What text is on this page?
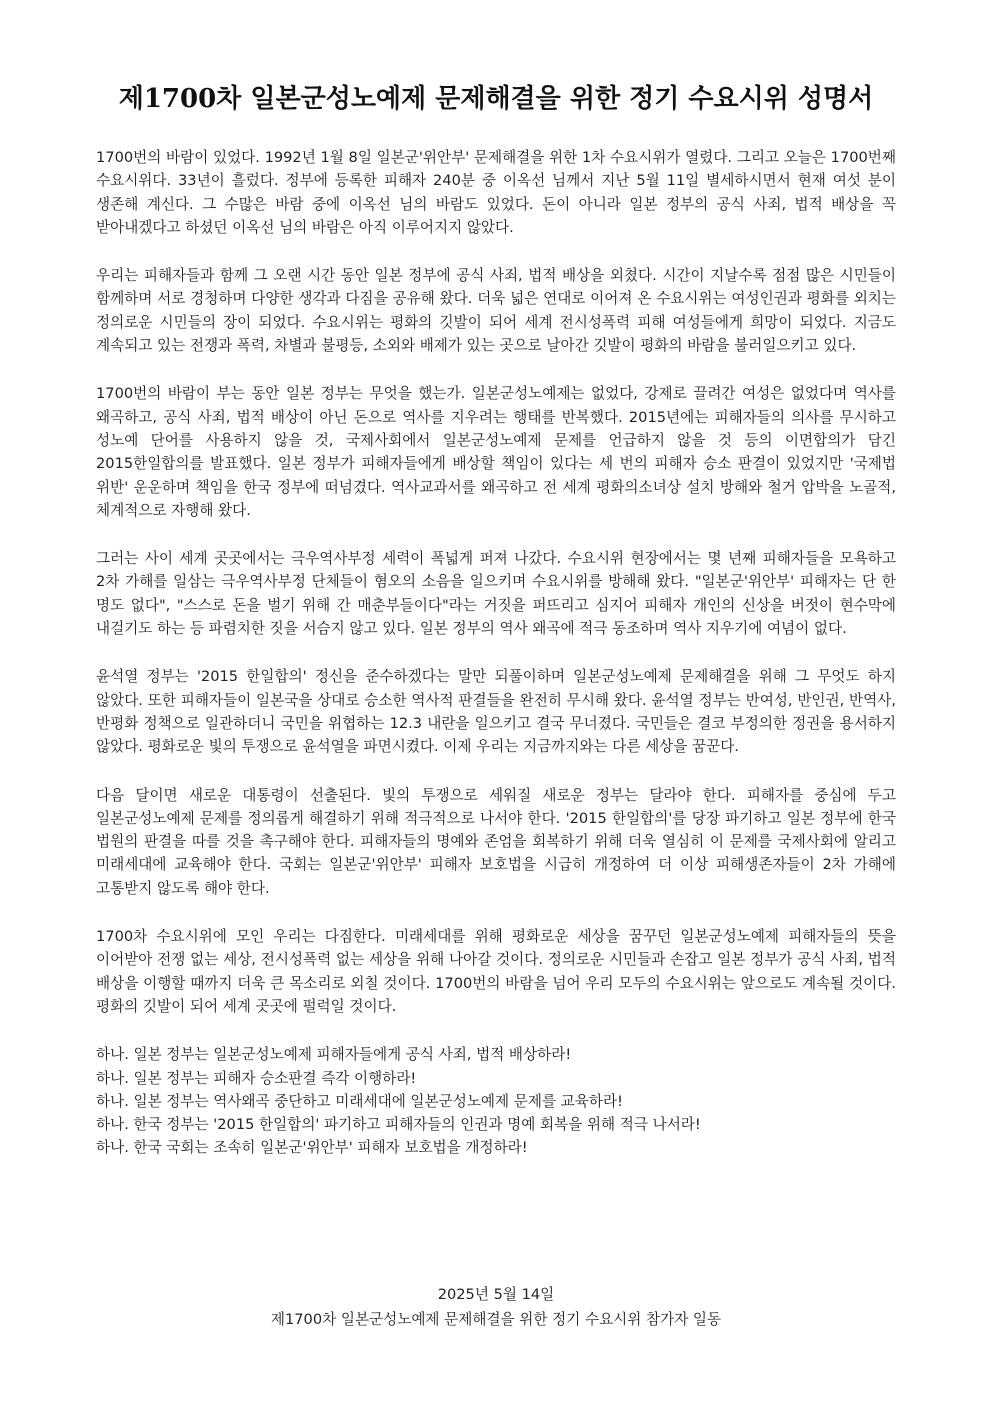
제1700차 일본군성노예제 문제해결을 위한 정기 수요시위 성명서

1700번의 바람이 있었다. 1992년 1월 8일 일본군'위안부' 문제해결을 위한 1차 수요시위가 열렸다. 그리고 오늘은 1700번째 수요시위다. 33년이 흘렀다. 정부에 등록한 피해자 240분 중 이옥선 님께서 지난 5월 11일 별세하시면서 현재 여섯 분이 생존해 계신다. 그 수많은 바람 중에 이옥선 님의 바람도 있었다. 돈이 아니라 일본 정부의 공식 사죄, 법적 배상을 꼭 받아내겠다고 하셨던 이옥선 님의 바람은 아직 이루어지지 않았다.

우리는 피해자들과 함께 그 오랜 시간 동안 일본 정부에 공식 사죄, 법적 배상을 외쳤다. 시간이 지날수록 점점 많은 시민들이 함께하며 서로 경청하며 다양한 생각과 다짐을 공유해 왔다. 더욱 넓은 연대로 이어져 온 수요시위는 여성인권과 평화를 외치는 정의로운 시민들의 장이 되었다. 수요시위는 평화의 깃발이 되어 세계 전시성폭력 피해 여성들에게 희망이 되었다. 지금도 계속되고 있는 전쟁과 폭력, 차별과 불평등, 소외와 배제가 있는 곳으로 날아간 깃발이 평화의 바람을 불러일으키고 있다.

1700번의 바람이 부는 동안 일본 정부는 무엇을 했는가. 일본군성노예제는 없었다, 강제로 끌려간 여성은 없었다며 역사를 왜곡하고, 공식 사죄, 법적 배상이 아닌 돈으로 역사를 지우려는 행태를 반복했다. 2015년에는 피해자들의 의사를 무시하고 성노예 단어를 사용하지 않을 것, 국제사회에서 일본군성노예제 문제를 언급하지 않을 것 등의 이면합의가 담긴 2015한일합의를 발표했다. 일본 정부가 피해자들에게 배상할 책임이 있다는 세 번의 피해자 승소 판결이 있었지만 '국제법 위반' 운운하며 책임을 한국 정부에 떠넘겼다. 역사교과서를 왜곡하고 전 세계 평화의소녀상 설치 방해와 철거 압박을 노골적, 체계적으로 자행해 왔다.

그러는 사이 세계 곳곳에서는 극우역사부정 세력이 폭넓게 퍼져 나갔다. 수요시위 현장에서는 몇 년째 피해자들을 모욕하고 2차 가해를 일삼는 극우역사부정 단체들이 혐오의 소음을 일으키며 수요시위를 방해해 왔다. "일본군'위안부' 피해자는 단 한 명도 없다", "스스로 돈을 벌기 위해 간 매춘부들이다"라는 거짓을 퍼뜨리고 심지어 피해자 개인의 신상을 버젓이 현수막에 내걸기도 하는 등 파렴치한 짓을 서슴지 않고 있다. 일본 정부의 역사 왜곡에 적극 동조하며 역사 지우기에 여념이 없다.

윤석열 정부는 '2015 한일합의' 정신을 준수하겠다는 말만 되풀이하며 일본군성노예제 문제해결을 위해 그 무엇도 하지 않았다. 또한 피해자들이 일본국을 상대로 승소한 역사적 판결들을 완전히 무시해 왔다. 윤석열 정부는 반여성, 반인권, 반역사, 반평화 정책으로 일관하더니 국민을 위협하는 12.3 내란을 일으키고 결국 무너졌다. 국민들은 결코 부정의한 정권을 용서하지 않았다. 평화로운 빛의 투쟁으로 윤석열을 파면시켰다. 이제 우리는 지금까지와는 다른 세상을 꿈꾼다.

다음 달이면 새로운 대통령이 선출된다. 빛의 투쟁으로 세워질 새로운 정부는 달라야 한다. 피해자를 중심에 두고 일본군성노예제 문제를 정의롭게 해결하기 위해 적극적으로 나서야 한다. '2015 한일합의'를 당장 파기하고 일본 정부에 한국 법원의 판결을 따를 것을 촉구해야 한다. 피해자들의 명예와 존엄을 회복하기 위해 더욱 열심히 이 문제를 국제사회에 알리고 미래세대에 교육해야 한다. 국회는 일본군'위안부' 피해자 보호법을 시급히 개정하여 더 이상 피해생존자들이 2차 가해에 고통받지 않도록 해야 한다.

1700차 수요시위에 모인 우리는 다짐한다. 미래세대를 위해 평화로운 세상을 꿈꾸던 일본군성노예제 피해자들의 뜻을 이어받아 전쟁 없는 세상, 전시성폭력 없는 세상을 위해 나아갈 것이다. 정의로운 시민들과 손잡고 일본 정부가 공식 사죄, 법적 배상을 이행할 때까지 더욱 큰 목소리로 외칠 것이다. 1700번의 바람을 넘어 우리 모두의 수요시위는 앞으로도 계속될 것이다. 평화의 깃발이 되어 세계 곳곳에 펄럭일 것이다.

하나. 일본 정부는 일본군성노예제 피해자들에게 공식 사죄, 법적 배상하라!

하나. 일본 정부는 피해자 승소판결 즉각 이행하라!

하나. 일본 정부는 역사왜곡 중단하고 미래세대에 일본군성노예제 문제를 교육하라!

하나. 한국 정부는 '2015 한일합의' 파기하고 피해자들의 인권과 명예 회복을 위해 적극 나서라!

하나. 한국 국회는 조속히 일본군'위안부' 피해자 보호법을 개정하라!

2025년 5월 14일

제1700차 일본군성노예제 문제해결을 위한 정기 수요시위 참가자 일동
